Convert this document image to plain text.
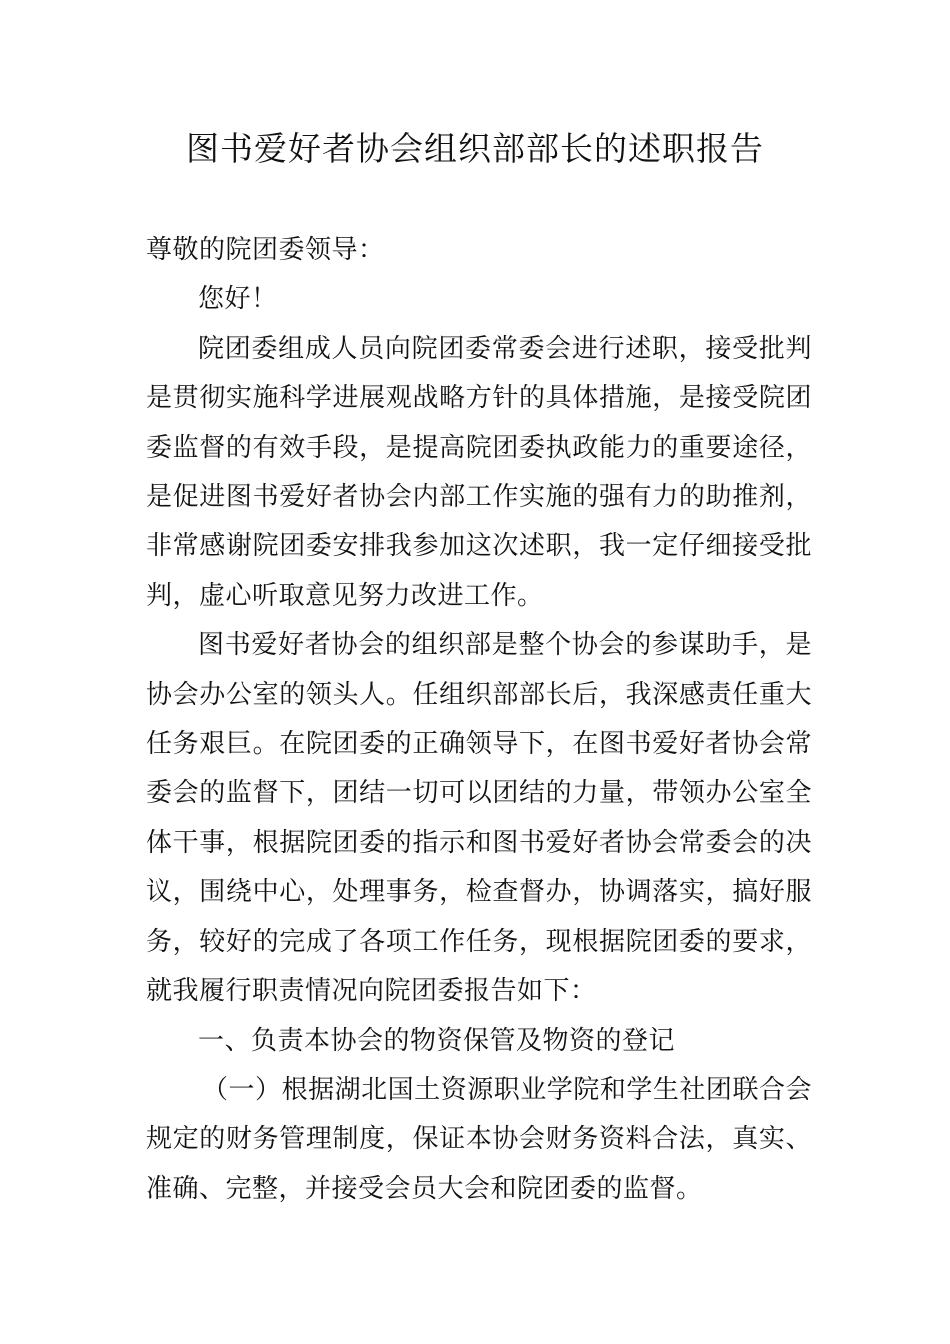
图书爱好者协会组织部部长的述职报告

尊敬的院团委领导：

您好！

院团委组成人员向院团委常委会进行述职，接受批判是贯彻实施科学进展观战略方针的具体措施，是接受院团委监督的有效手段，是提高院团委执政能力的重要途径，是促进图书爱好者协会内部工作实施的强有力的助推剂，非常感谢院团委安排我参加这次述职，我一定仔细接受批判，虚心听取意见努力改进工作。

图书爱好者协会的组织部是整个协会的参谋助手，是协会办公室的领头人。任组织部部长后，我深感责任重大任务艰巨。在院团委的正确领导下，在图书爱好者协会常委会的监督下，团结一切可以团结的力量，带领办公室全体干事，根据院团委的指示和图书爱好者协会常委会的决议，围绕中心，处理事务，检查督办，协调落实，搞好服务，较好的完成了各项工作任务，现根据院团委的要求，就我履行职责情况向院团委报告如下：

一、负责本协会的物资保管及物资的登记

（一）根据湖北国土资源职业学院和学生社团联合会规定的财务管理制度，保证本协会财务资料合法，真实、准确、完整，并接受会员大会和院团委的监督。
